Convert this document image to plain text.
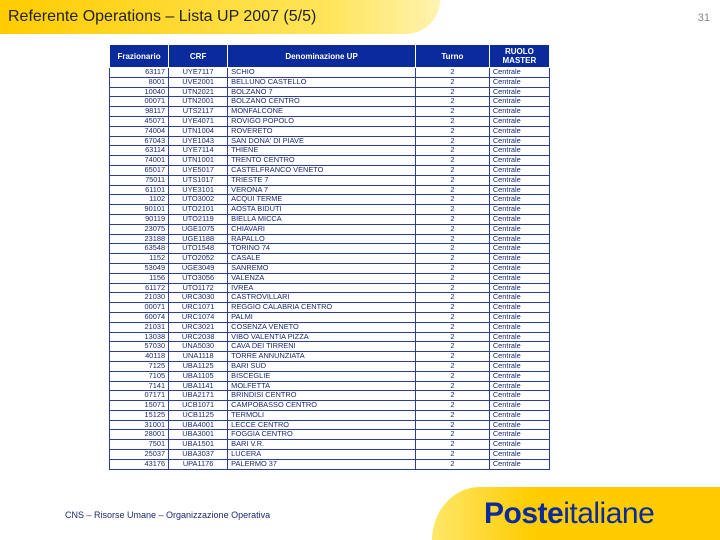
Referente Operations – Lista UP 2007 (5/5)	31
Frazionario	CRF	Denominazione UP	Turno	RUOLO MASTER
63117	UYE7117	SCHIO	2	Centrale
8001	UVE2001	BELLUNO CASTELLO	2	Centrale
10040	UTN2021	BOLZANO 7	2	Centrale
00071	UTN2001	BOLZANO CENTRO	2	Centrale
98117	UTS2117	MONFALCONE	2	Centrale
45071	UYE4071	ROVIGO POPOLO	2	Centrale
74004	UTN1004	ROVERETO	2	Centrale
67043	UYE1043	SAN DONA' DI PIAVE	2	Centrale
63114	UYE7114	THIENE	2	Centrale
74001	UTN1001	TRENTO CENTRO	2	Centrale
65017	UYE5017	CASTELFRANCO VENETO	2	Centrale
75011	UTS1017	TRIESTE 7	2	Centrale
61101	UYE3101	VERONA 7	2	Centrale
1102	UTO3002	ACQUI TERME	2	Centrale
90101	UTO2101	AOSTA BIDUTI	2	Centrale
90119	UTO2119	BIELLA MICCA	2	Centrale
23075	UGE1075	CHIAVARI	2	Centrale
23188	UGE1188	RAPALLO	2	Centrale
63548	UTO1548	TORINO 74	2	Centrale
1152	UTO2052	CASALE	2	Centrale
53049	UGE3049	SANREMO	2	Centrale
1156	UTO3056	VALENZA	2	Centrale
61172	UTO1172	IVREA	2	Centrale
21030	URC3030	CASTROVILLARI	2	Centrale
00071	URC1071	REGGIO CALABRIA CENTRO	2	Centrale
60074	URC1074	PALMI	2	Centrale
21031	URC3021	COSENZA VENETO	2	Centrale
13038	URC2038	VIBO VALENTIA PIZZA	2	Centrale
57030	UNA5030	CAVA DEI TIRRENI	2	Centrale
40118	UNA1118	TORRE ANNUNZIATA	2	Centrale
7125	UBA1125	BARI SUD	2	Centrale
7105	UBA1105	BISCEGLIE	2	Centrale
7141	UBA1141	MOLFETTA	2	Centrale
07171	UBA2171	BRINDISI CENTRO	2	Centrale
15071	UCB1071	CAMPOBASSO CENTRO	2	Centrale
15125	UCB1125	TERMOLI	2	Centrale
31001	UBA4001	LECCE CENTRO	2	Centrale
28001	UBA3001	FOGGIA CENTRO	2	Centrale
7501	UBA1501	BARI V.R.	2	Centrale
25037	UBA3037	LUCERA	2	Centrale
43176	UPA1176	PALERMO 37	2	Centrale
CNS – Risorse Umane – Organizzazione Operativa	Posteitaliane
